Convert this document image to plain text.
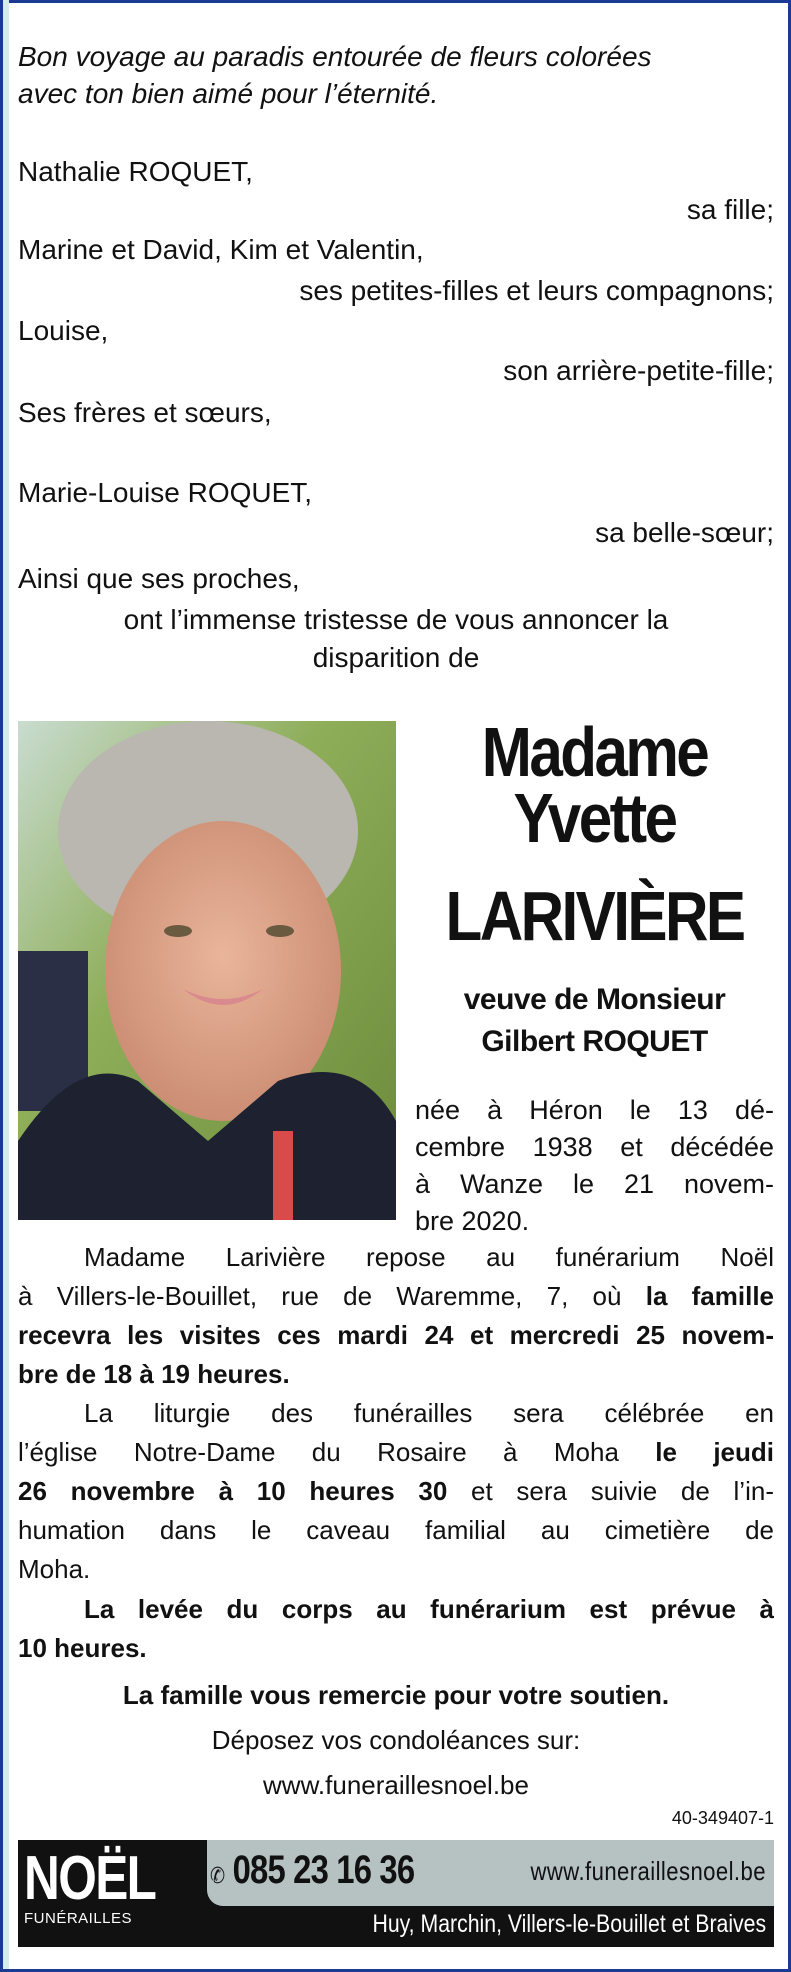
Bon voyage au paradis entourée de fleurs colorées
avec ton bien aimé pour l’éternité.
Nathalie ROQUET,
sa fille;
Marine et David, Kim et Valentin,
ses petites-filles et leurs compagnons;
Louise,
son arrière-petite-fille;
Ses frères et sœurs,
Marie-Louise ROQUET,
sa belle-sœur;
Ainsi que ses proches,
ont l’immense tristesse de vous annoncer la
disparition de
Madame
Yvette
LARIVIÈRE
veuve de Monsieur
Gilbert ROQUET
née à Héron le 13 dé-
cembre 1938 et décédée
à Wanze le 21 novem-
bre 2020.
Madame Larivière repose au funérarium Noël
à Villers-le-Bouillet, rue de Waremme, 7, où la famille
recevra les visites ces mardi 24 et mercredi 25 novem-
bre de 18 à 19 heures.
La liturgie des funérailles sera célébrée en
l’église Notre-Dame du Rosaire à Moha le jeudi
26 novembre à 10 heures 30 et sera suivie de l’in-
humation dans le caveau familial au cimetière de
Moha.
La levée du corps au funérarium est prévue à
10 heures.
La famille vous remercie pour votre soutien.
Déposez vos condoléances sur:
www.funeraillesnoel.be
40-349407-1
NOËL
FUNÉRAILLES
✆ 085 23 16 36	www.funeraillesnoel.be
Huy, Marchin, Villers-le-Bouillet et Braives
